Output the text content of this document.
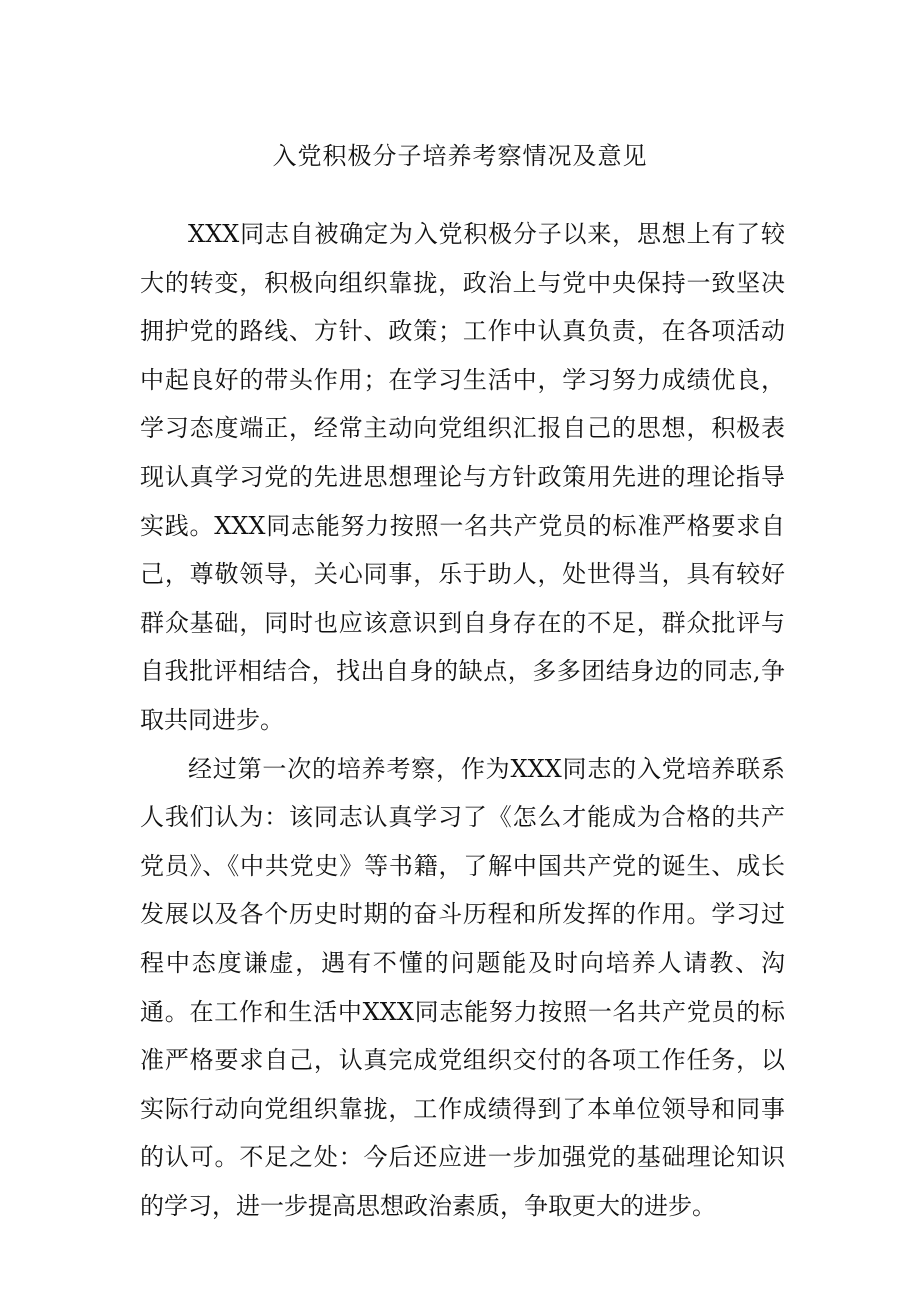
入党积极分子培养考察情况及意见

XXX同志自被确定为入党积极分子以来，思想上有了较大的转变，积极向组织靠拢，政治上与党中央保持一致坚决拥护党的路线、方针、政策；工作中认真负责，在各项活动中起良好的带头作用；在学习生活中，学习努力成绩优良，学习态度端正，经常主动向党组织汇报自己的思想，积极表现认真学习党的先进思想理论与方针政策用先进的理论指导实践。XXX同志能努力按照一名共产党员的标准严格要求自己，尊敬领导，关心同事，乐于助人，处世得当，具有较好群众基础，同时也应该意识到自身存在的不足，群众批评与自我批评相结合，找出自身的缺点，多多团结身边的同志,争取共同进步。

经过第一次的培养考察，作为XXX同志的入党培养联系人我们认为：该同志认真学习了《怎么才能成为合格的共产党员》、《中共党史》等书籍，了解中国共产党的诞生、成长发展以及各个历史时期的奋斗历程和所发挥的作用。学习过程中态度谦虚，遇有不懂的问题能及时向培养人请教、沟通。在工作和生活中XXX同志能努力按照一名共产党员的标准严格要求自己，认真完成党组织交付的各项工作任务，以实际行动向党组织靠拢，工作成绩得到了本单位领导和同事的认可。不足之处：今后还应进一步加强党的基础理论知识的学习，进一步提高思想政治素质，争取更大的进步。
